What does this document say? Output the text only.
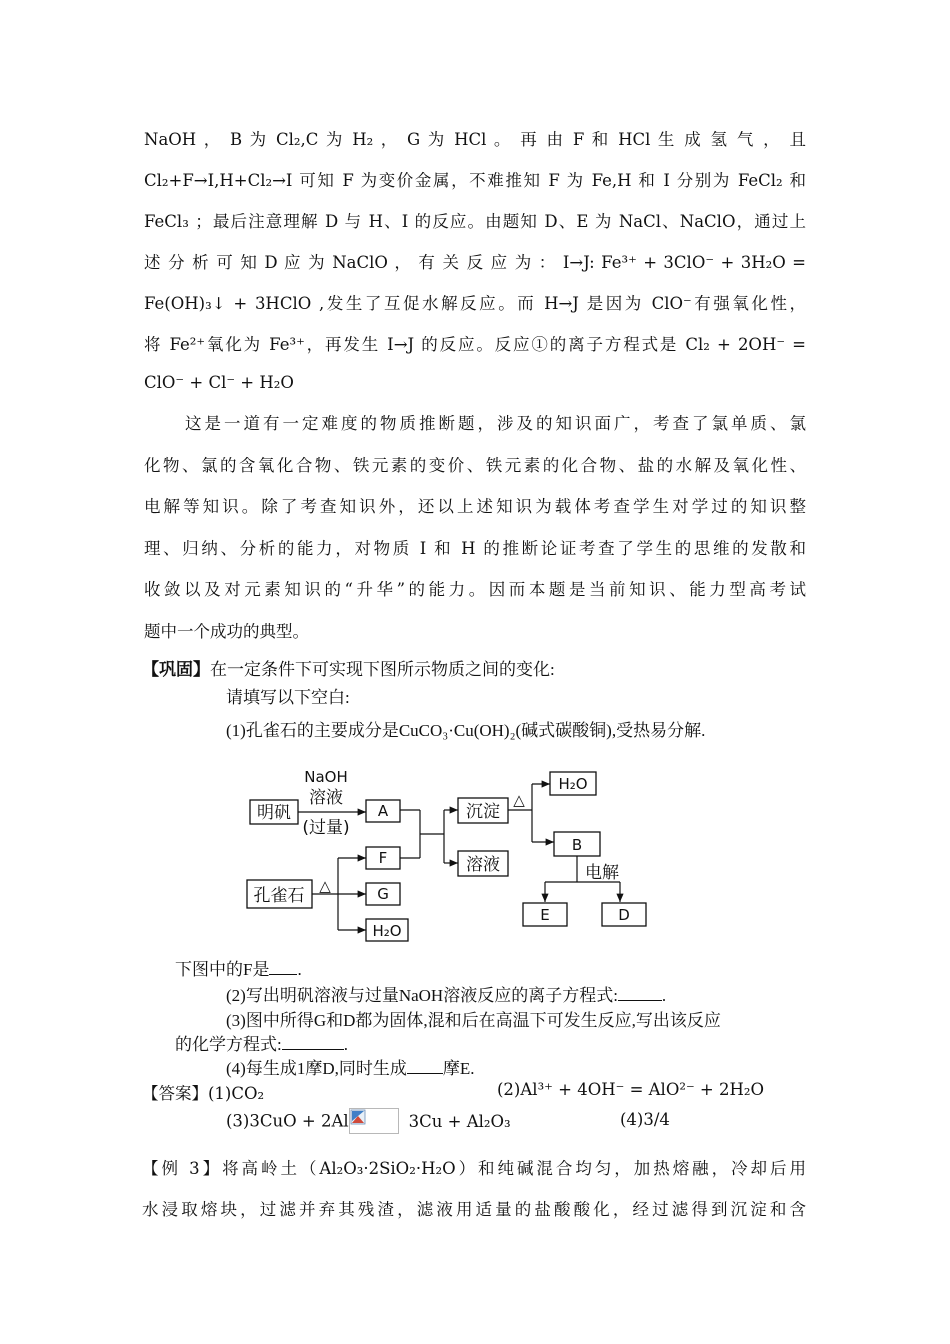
NaOH ， B 为 Cl₂,C 为 H₂ ， G 为 HCl 。 再 由 F 和 HCl 生 成 氢 气 ， 且
Cl₂+F→I,H+Cl₂→I 可知 F 为变价金属，不难推知 F 为 Fe,H 和 I 分别为 FeCl₂ 和
FeCl₃ ；最后注意理解 D 与 H、I 的反应。由题知 D、E 为 NaCl、NaClO，通过上
述 分 析 可 知 D 应 为 NaClO ， 有 关 反 应 为 ： I→J: Fe³⁺ + 3ClO⁻ + 3H₂O =
Fe(OH)₃↓ + 3HClO ,发生了互促水解反应。而 H→J 是因为 ClO⁻有强氧化性，
将 Fe²⁺氧化为 Fe³⁺，再发生 I→J 的反应。反应①的离子方程式是 Cl₂ + 2OH⁻ =
ClO⁻ + Cl⁻ + H₂O
这是一道有一定难度的物质推断题，涉及的知识面广，考查了氯单质、氯
化物、氯的含氧化合物、铁元素的变价、铁元素的化合物、盐的水解及氧化性、
电解等知识。除了考查知识外，还以上述知识为载体考查学生对学过的知识整
理、归纳、分析的能力，对物质 I 和 H 的推断论证考查了学生的思维的发散和
收敛以及对元素知识的“升华”的能力。因而本题是当前知识、能力型高考试
题中一个成功的典型。
【巩固】在一定条件下可实现下图所示物质之间的变化:
请填写以下空白:
(1)孔雀石的主要成分是CuCO₃·Cu(OH)₂(碱式碳酸铜),受热易分解.
明矾
NaOH
溶液
(过量)
A
F
孔雀石 △	G
H₂O
沉淀
溶液
△
H₂O
B
电解
E	D
下图中的F是 .
(2)写出明矾溶液与过量NaOH溶液反应的离子方程式:	.
(3)图中所得G和D都为固体,混和后在高温下可发生反应,写出该反应
的化学方程式:	.
(4)每生成1摩D,同时生成 摩E.
【答案】(1)CO₂	(2)Al³⁺ + 4OH⁻ = AlO²⁻ + 2H₂O
(3)3CuO + 2Al	3Cu + Al₂O₃	(4)3/4
【例 3】将高岭土（Al₂O₃·2SiO₂·H₂O）和纯碱混合均匀，加热熔融，冷却后用
水浸取熔块，过滤并弃其残渣，滤液用适量的盐酸酸化，经过滤得到沉淀和含
